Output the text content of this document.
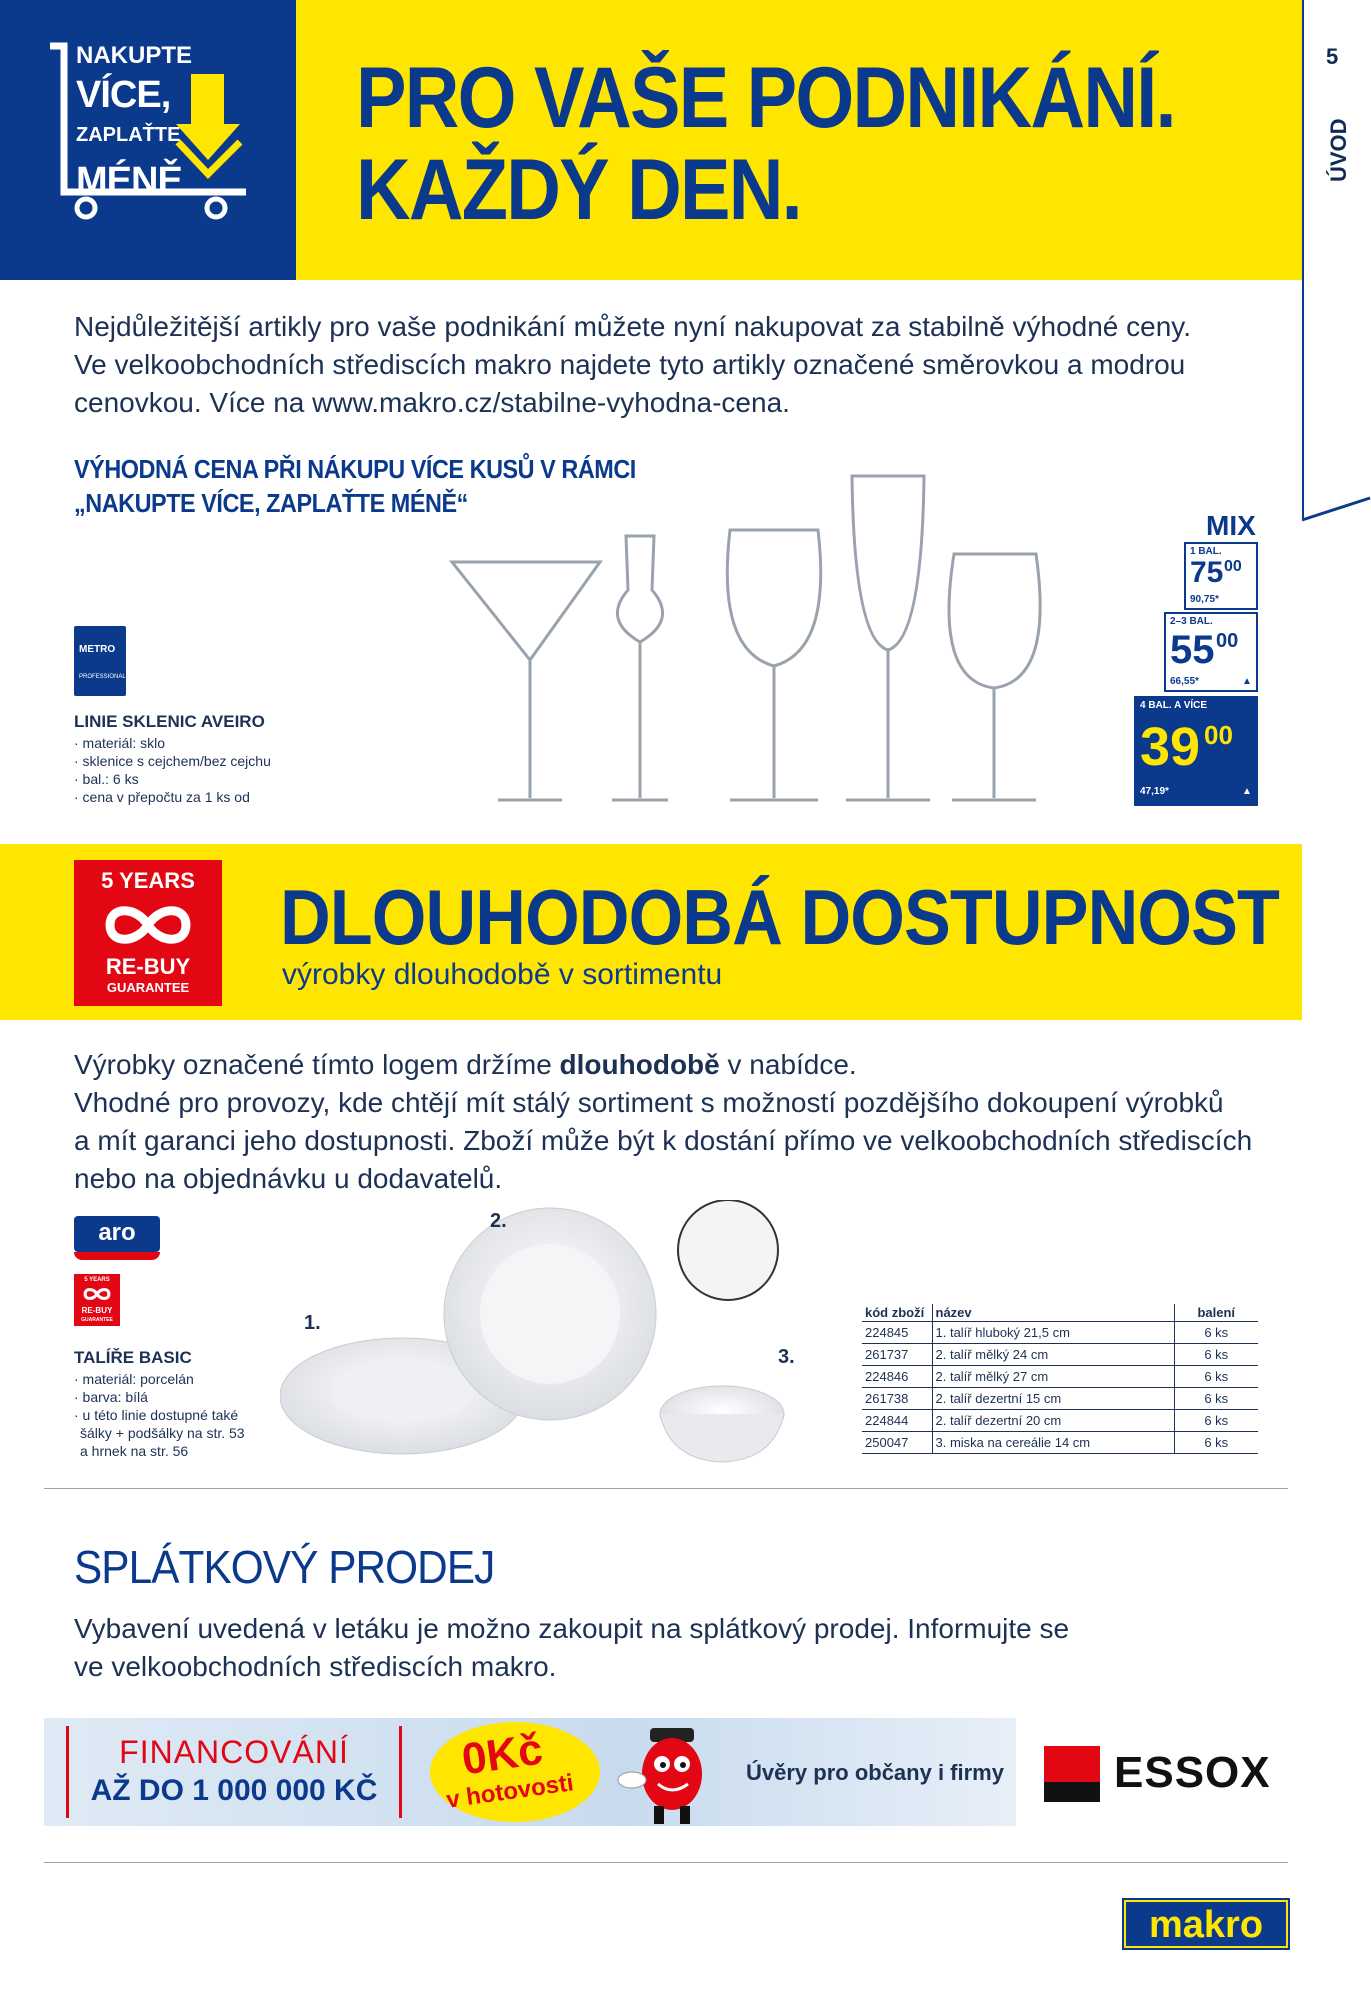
NAKUPTE
VÍCE,
ZAPLAŤTE
MÉNĚ
PRO VAŠE PODNIKÁNÍ.
KAŽDÝ DEN.
5
ÚVOD
Nejdůležitější artikly pro vaše podnikání můžete nyní nakupovat za stabilně výhodné ceny.
Ve velkoobchodních střediscích makro najdete tyto artikly označené směrovkou a modrou
cenovkou. Více na www.makro.cz/stabilne-vyhodna-cena.
VÝHODNÁ CENA PŘI NÁKUPU VÍCE KUSŮ V RÁMCI
„NAKUPTE VÍCE, ZAPLAŤTE MÉNĚ“
METRO
PROFESSIONAL
LINIE SKLENIC AVEIRO
· materiál: sklo
· sklenice s cejchem/bez cejchu
· bal.: 6 ks
· cena v přepočtu za 1 ks od
MIX
1 BAL.
75 00
90,75*
2–3 BAL.
55 00
66,55*	▲
4 BAL. A VÍCE
39 00
47,19*	▲
5 YEARS
RE-BUY
GUARANTEE
DLOUHODOBÁ DOSTUPNOST
výrobky dlouhodobě v sortimentu
Výrobky označené tímto logem držíme dlouhodobě v nabídce.
Vhodné pro provozy, kde chtějí mít stálý sortiment s možností pozdějšího dokoupení výrobků
a mít garanci jeho dostupnosti. Zboží může být k dostání přímo ve velkoobchodních střediscích
nebo na objednávku u dodavatelů.
aro
5 YEARS
RE-BUY
GUARANTEE
TALÍŘE BASIC
· materiál: porcelán
· barva: bílá
· u této linie dostupné také
šálky + podšálky na str. 53
a hrnek na str. 56
2.
1.
3.
kód zboží	název	balení
224845	1. talíř hluboký 21,5 cm	6 ks
261737	2. talíř mělký 24 cm	6 ks
224846	2. talíř mělký 27 cm	6 ks
261738	2. talíř dezertní 15 cm	6 ks
224844	2. talíř dezertní 20 cm	6 ks
250047	3. miska na cereálie 14 cm	6 ks
SPLÁTKOVÝ PRODEJ
Vybavení uvedená v letáku je možno zakoupit na splátkový prodej. Informujte se
ve velkoobchodních střediscích makro.
FINANCOVÁNÍ
AŽ DO 1 000 000 KČ
0Kč
v hotovosti	Úvěry pro občany i firmy	ESSOX
makro
